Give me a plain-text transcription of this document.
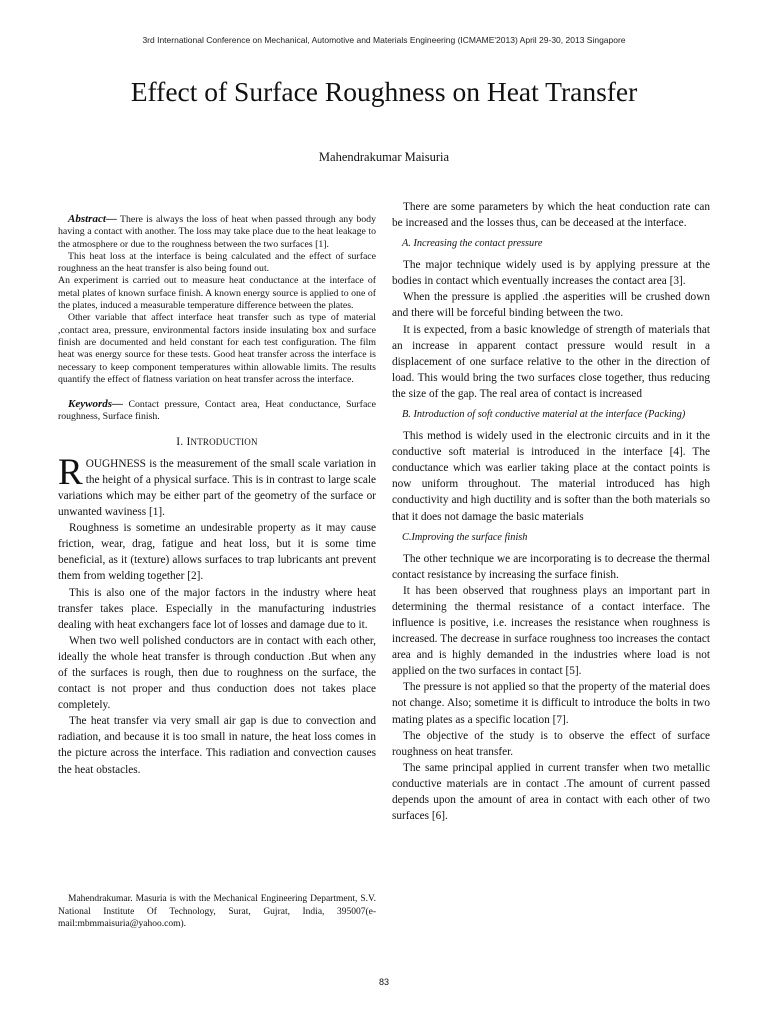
3rd International Conference on Mechanical, Automotive and Materials Engineering (ICMAME'2013) April 29-30, 2013 Singapore
Effect of Surface Roughness on Heat Transfer
Mahendrakumar Maisuria

Abstract— There is always the loss of heat when passed through any body having a contact with another. The loss may take place due to the heat leakage to the atmosphere or due to the roughness between the two surfaces [1].

This heat loss at the interface is being calculated and the effect of surface roughness an the heat transfer is also being found out.

An experiment is carried out to measure heat conductance at the interface of metal plates of known surface finish. A known energy source is applied to one of the plates, induced a measurable temperature difference between the plates.

Other variable that affect interface heat transfer such as type of material ,contact area, pressure, environmental factors inside insulating box and surface finish are documented and held constant for each test configuration. The film heat was energy source for these tests. Good heat transfer across the interface is necessary to keep component temperatures within allowable limits. The results quantify the effect of flatness variation on heat transfer across the interface.

Keywords— Contact pressure, Contact area, Heat conductance, Surface roughness, Surface finish.

I. INTRODUCTION

ROUGHNESS is the measurement of the small scale variation in the height of a physical surface. This is in contrast to large scale variations which may be either part of the geometry of the surface or unwanted waviness [1].

Roughness is sometime an undesirable property as it may cause friction, wear, drag, fatigue and heat loss, but it is some time beneficial, as it (texture) allows surfaces to trap lubricants ant prevent them from welding together [2].

This is also one of the major factors in the industry where heat transfer takes place. Especially in the manufacturing industries dealing with heat exchangers face lot of losses and damage due to it.

When two well polished conductors are in contact with each other, ideally the whole heat transfer is through conduction .But when any of the surfaces is rough, then due to roughness on the surface, the contact is not proper and thus conduction does not takes place completely.

The heat transfer via very small air gap is due to convection and radiation, and because it is too small in nature, the heat loss comes in the picture across the interface. This radiation and convection causes the heat obstacles.

Mahendrakumar. Masuria is with the Mechanical Engineering Department, S.V. National Institute Of Technology, Surat, Gujrat, India, 395007(e-mail:mbmmaisuria@yahoo.com).

There are some parameters by which the heat conduction rate can be increased and the losses thus, can be deceased at the interface.

A. Increasing the contact pressure

The major technique widely used is by applying pressure at the bodies in contact which eventually increases the contact area [3].

When the pressure is applied .the asperities will be crushed down and there will be forceful binding between the two.

It is expected, from a basic knowledge of strength of materials that an increase in apparent contact pressure would result in a displacement of one surface relative to the other in the direction of load. This would bring the two surfaces close together, thus reducing the size of the gap. The real area of contact is increased

B. Introduction of soft conductive material at the interface (Packing)

This method is widely used in the electronic circuits and in it the conductive soft material is introduced in the interface [4]. The conductance which was earlier taking place at the contact points is now uniform throughout. The material introduced has high conductivity and high ductility and is softer than the both materials so that it does not damage the basic materials

C.Improving the surface finish

The other technique we are incorporating is to decrease the thermal contact resistance by increasing the surface finish.

It has been observed that roughness plays an important part in determining the thermal resistance of a contact interface. The influence is positive, i.e. increases the resistance when roughness is increased. The decrease in surface roughness too increases the contact area and is highly demanded in the industries where load is not applied on the two surfaces in contact [5].

The pressure is not applied so that the property of the material does not change. Also; sometime it is difficult to introduce the bolts in two mating plates as a specific location [7].

The objective of the study is to observe the effect of surface roughness on heat transfer.

The same principal applied in current transfer when two metallic conductive materials are in contact .The amount of current passed depends upon the amount of area in contact with each other of two surfaces [6].

83
